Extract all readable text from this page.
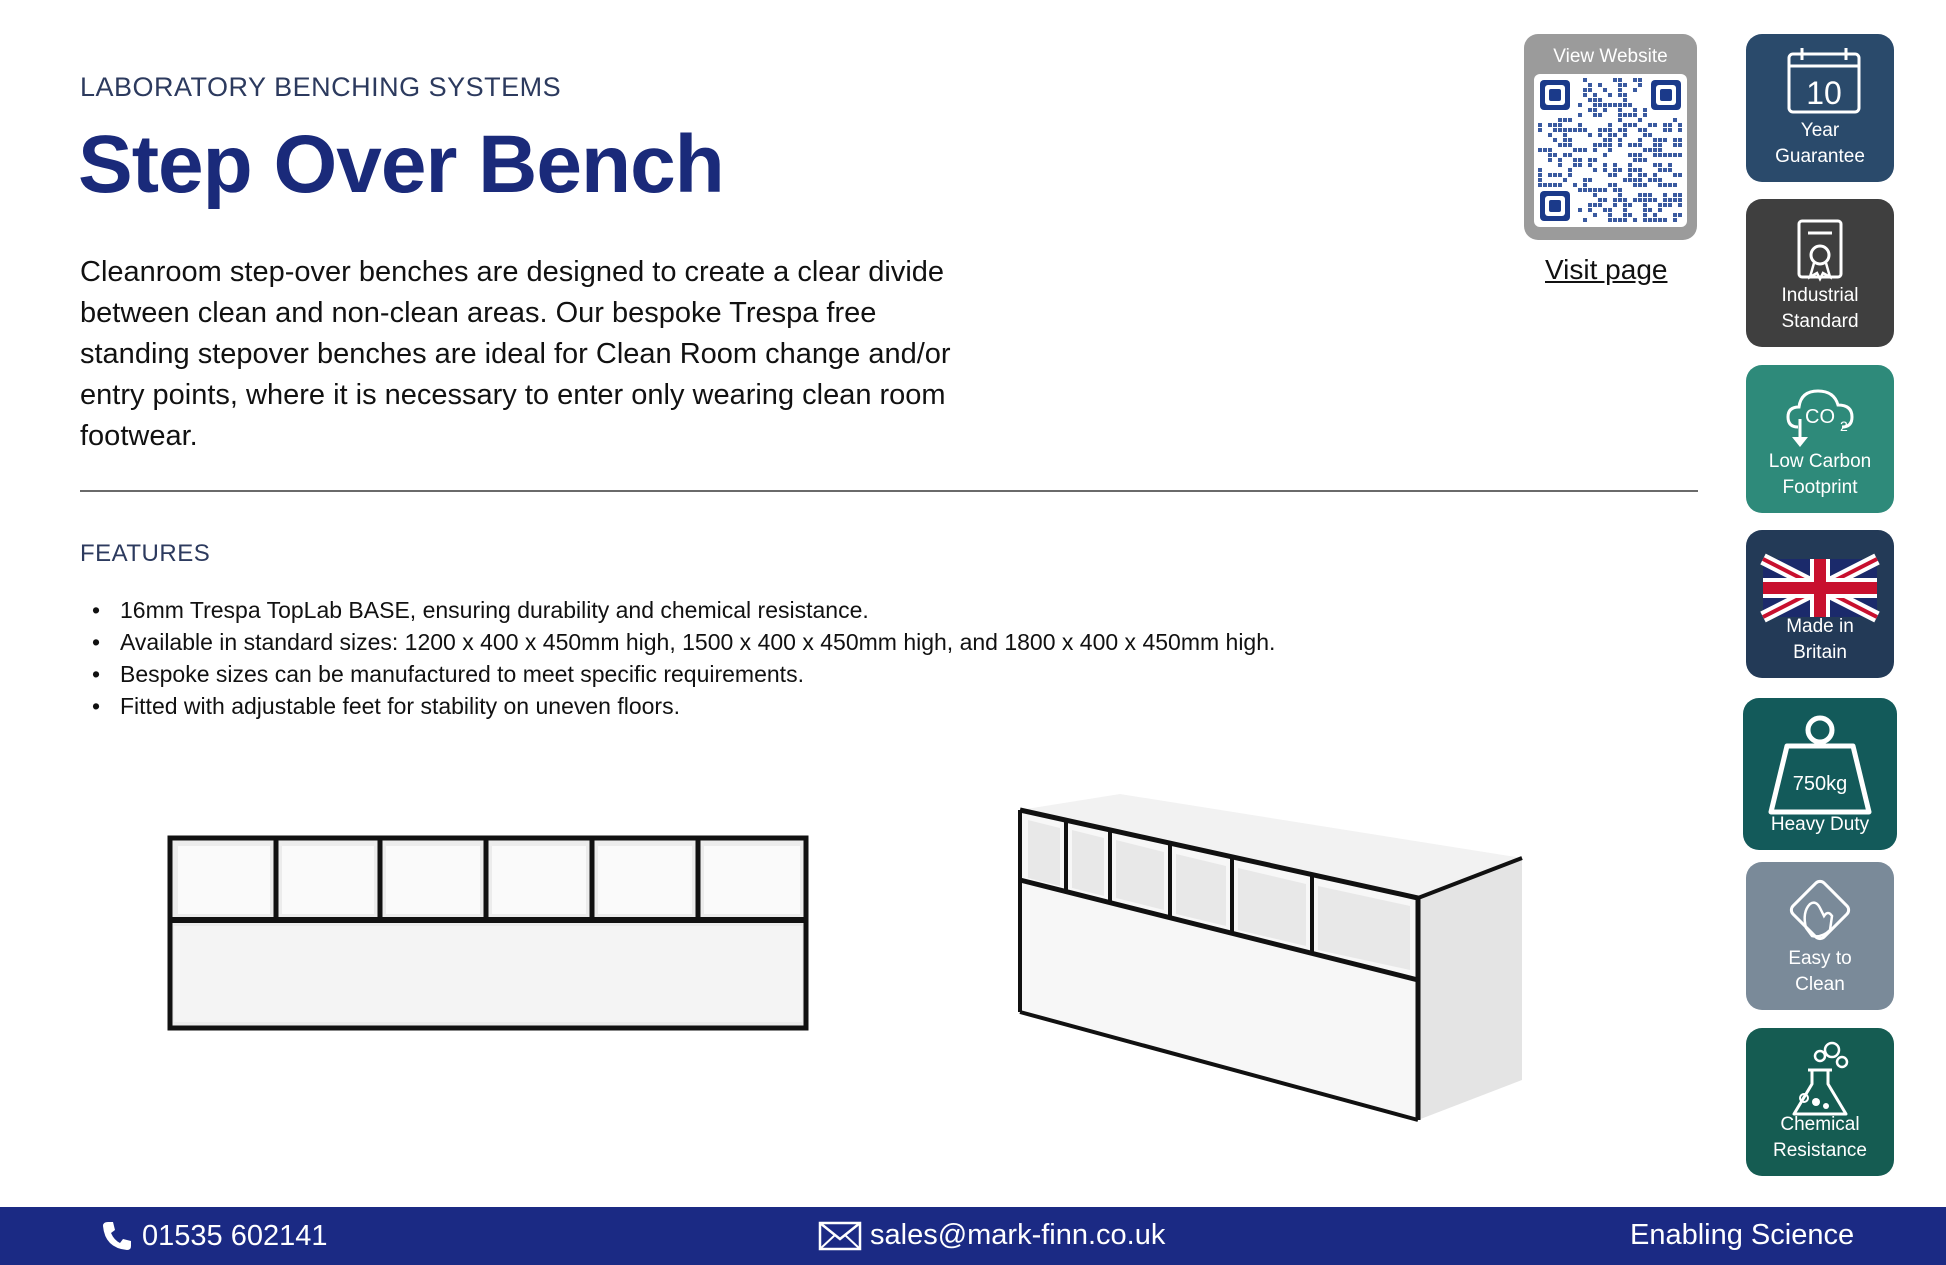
LABORATORY BENCHING SYSTEMS
Step Over Bench
Cleanroom step-over benches are designed to create a clear divide between clean and non-clean areas. Our bespoke Trespa free standing stepover benches are ideal for Clean Room change and/or entry points, where it is necessary to enter only wearing clean room footwear.
FEATURES
• 16mm Trespa TopLab BASE, ensuring durability and chemical resistance.
• Available in standard sizes: 1200 x 400 x 450mm high, 1500 x 400 x 450mm high, and 1800 x 400 x 450mm high.
• Bespoke sizes can be manufactured to meet specific requirements.
• Fitted with adjustable feet for stability on uneven floors.
View Website
Visit page
10
Year
Guarantee
Industrial
Standard
CO 2
Low Carbon
Footprint
Made in
Britain
750kg
Heavy Duty
Easy to
Clean
Chemical
Resistance
01535 602141	sales@mark-finn.co.uk	Enabling Science
